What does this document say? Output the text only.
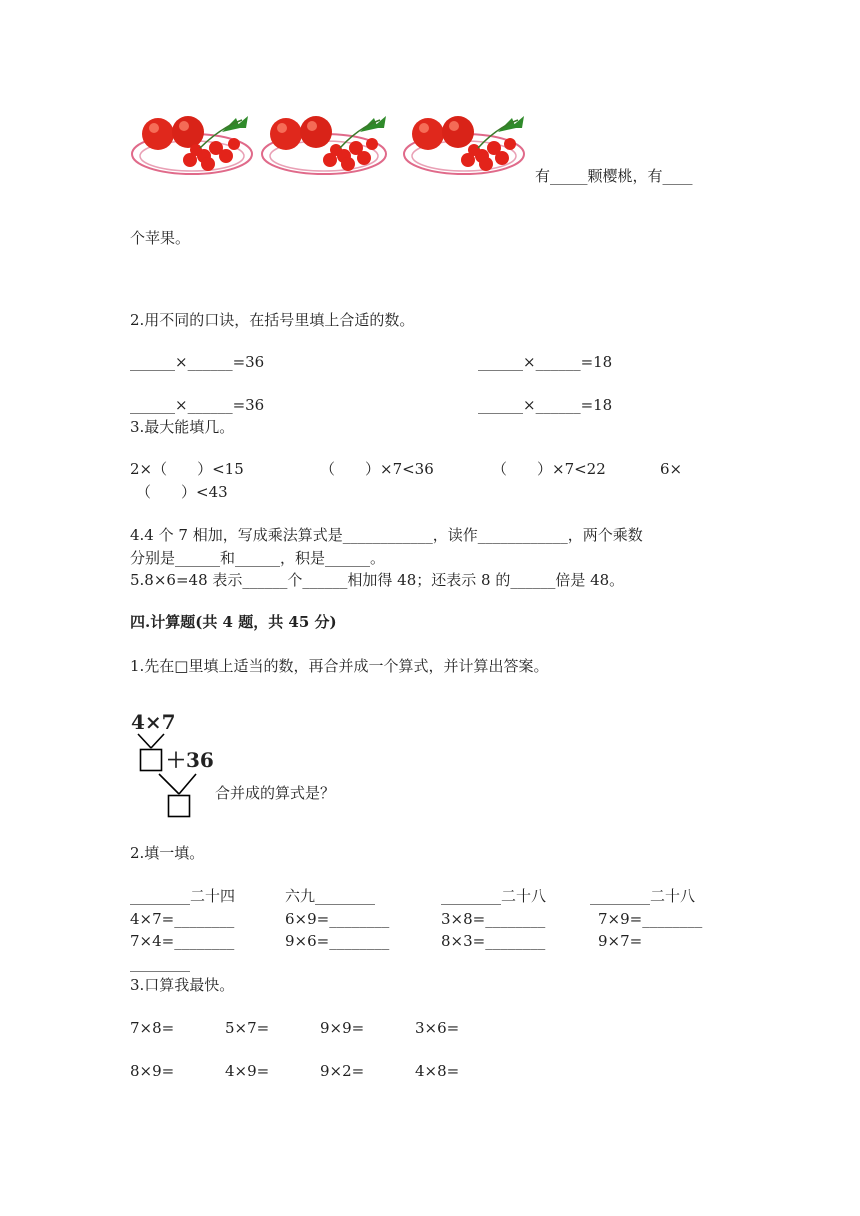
有_____颗樱桃，有____
个苹果。
2.用不同的口诀，在括号里填上合适的数。
______×______=36	______×______=18
______×______=36	______×______=18
3.最大能填几。
2×（　　）<15	（　　）×7<36	（　　）×7<22	6×
（　　）<43
4.4 个 7 相加，写成乘法算式是____________，读作____________，两个乘数
分别是______和______，积是______。
5.8×6=48 表示______个______相加得 48；还表示 8 的______倍是 48。
四.计算题(共 4 题，共 45 分)
1.先在□里填上适当的数，再合并成一个算式，并计算出答案。
4×7
＋36
合并成的算式是？
2.填一填。
________二十四	六九________	________二十八	________二十八
4×7=________	6×9=________	3×8=________	7×9=________
7×4=________	9×6=________	8×3=________	9×7=
________
3.口算我最快。
7×8=	5×7=	9×9=	3×6=
8×9=	4×9=	9×2=	4×8=
